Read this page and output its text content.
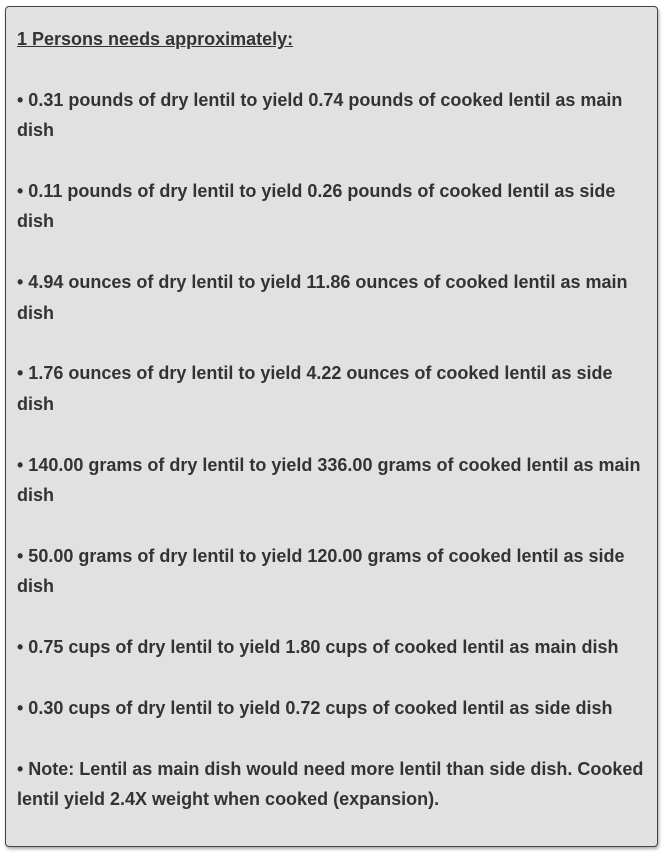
1 Persons needs approximately:

• 0.31 pounds of dry lentil to yield 0.74 pounds of cooked lentil as main dish

• 0.11 pounds of dry lentil to yield 0.26 pounds of cooked lentil as side dish

• 4.94 ounces of dry lentil to yield 11.86 ounces of cooked lentil as main dish

• 1.76 ounces of dry lentil to yield 4.22 ounces of cooked lentil as side dish

• 140.00 grams of dry lentil to yield 336.00 grams of cooked lentil as main dish

• 50.00 grams of dry lentil to yield 120.00 grams of cooked lentil as side dish

• 0.75 cups of dry lentil to yield 1.80 cups of cooked lentil as main dish

• 0.30 cups of dry lentil to yield 0.72 cups of cooked lentil as side dish

• Note: Lentil as main dish would need more lentil than side dish. Cooked lentil yield 2.4X weight when cooked (expansion).
